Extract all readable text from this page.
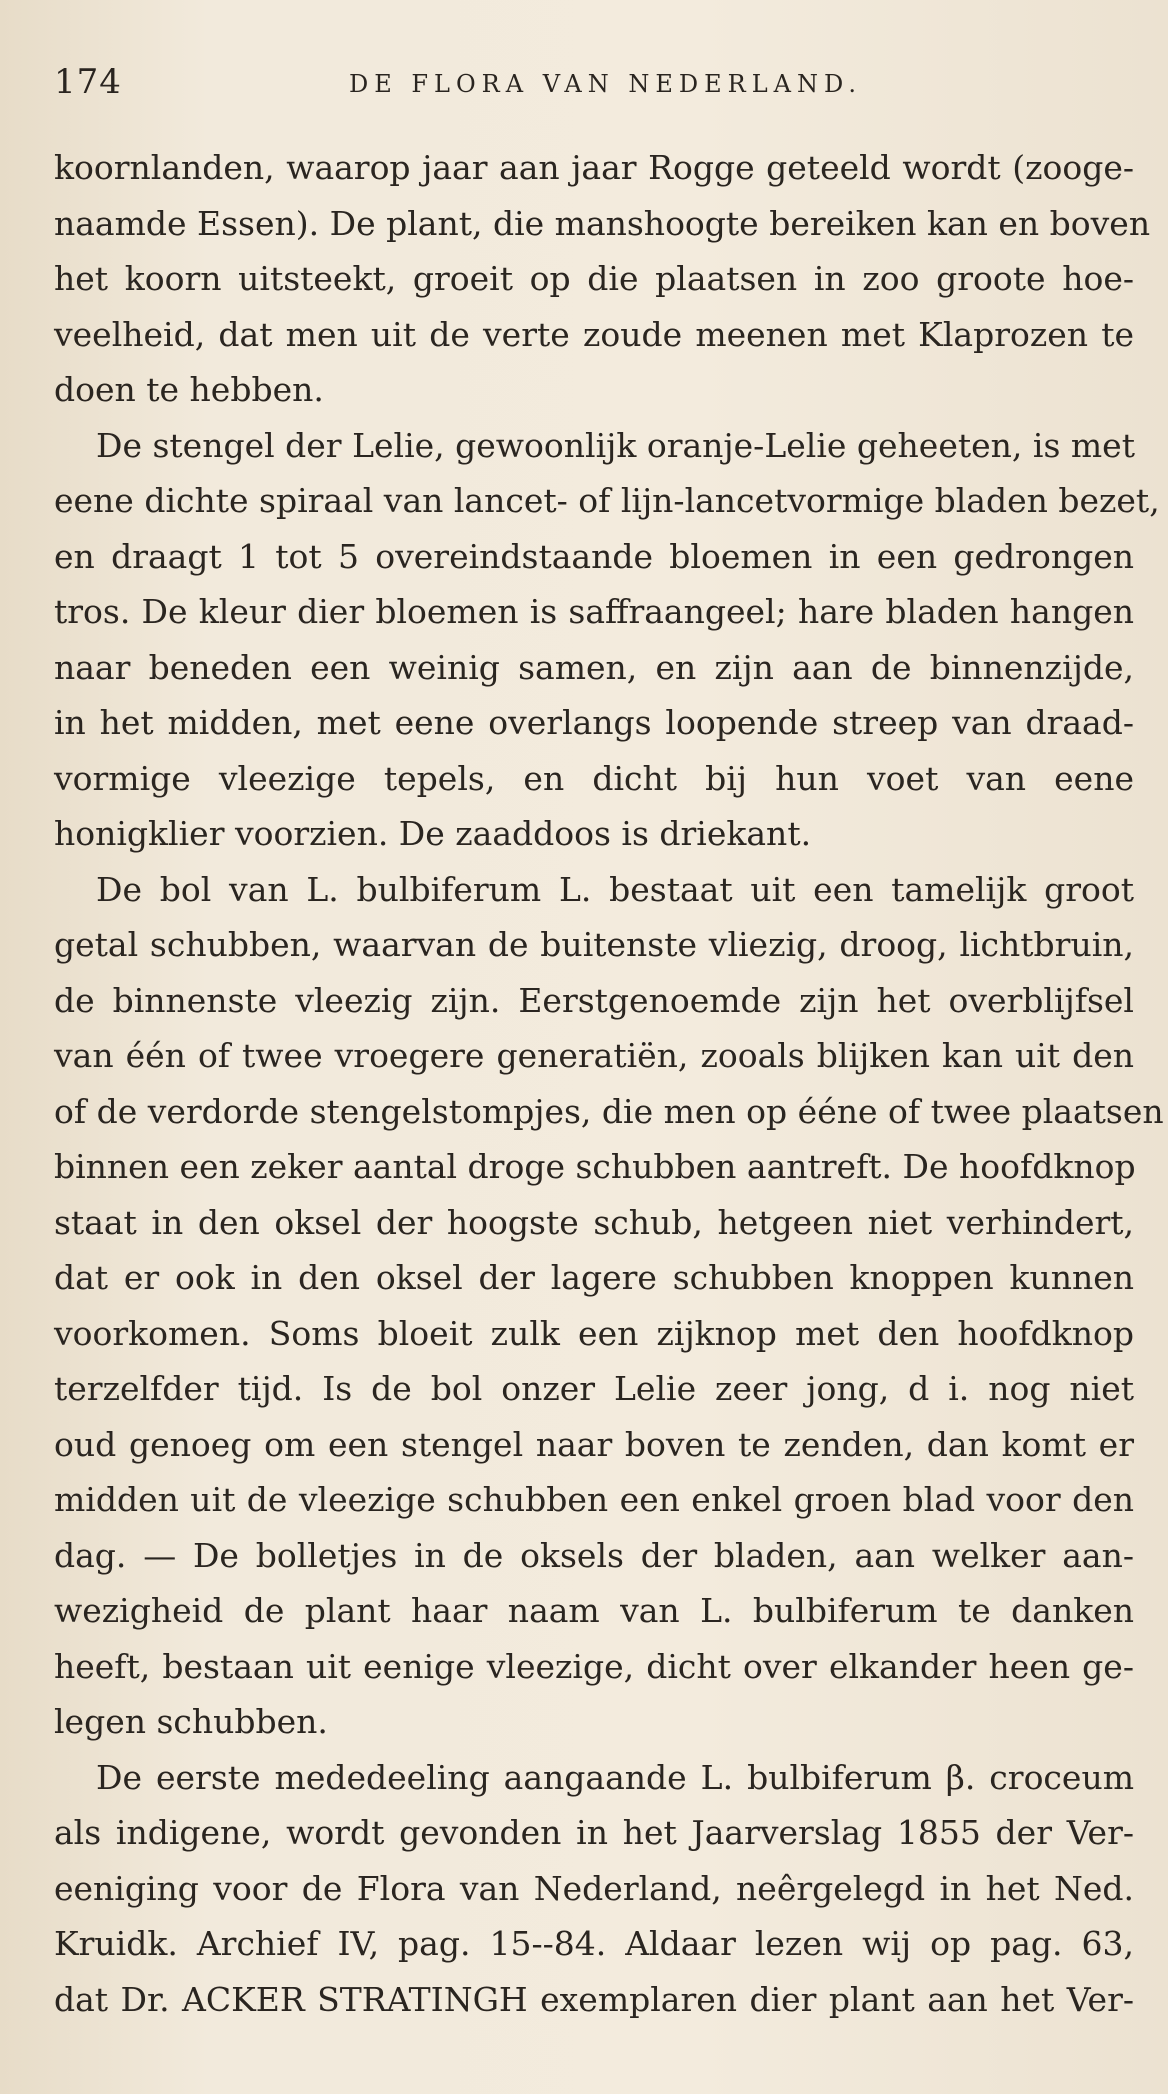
174	DE FLORA VAN NEDERLAND.
koornlanden, waarop jaar aan jaar Rogge geteeld wordt (zooge-
naamde Essen). De plant, die manshoogte bereiken kan en boven
het koorn uitsteekt, groeit op die plaatsen in zoo groote hoe-
veelheid, dat men uit de verte zoude meenen met Klaprozen te
doen te hebben.
De stengel der Lelie, gewoonlijk oranje-Lelie geheeten, is met
eene dichte spiraal van lancet- of lijn-lancetvormige bladen bezet,
en draagt 1 tot 5 overeindstaande bloemen in een gedrongen
tros. De kleur dier bloemen is saffraangeel; hare bladen hangen
naar beneden een weinig samen, en zijn aan de binnenzijde,
in het midden, met eene overlangs loopende streep van draad-
vormige vleezige tepels, en dicht bij hun voet van eene
honigklier voorzien. De zaaddoos is driekant.
De bol van L. bulbiferum L. bestaat uit een tamelijk groot
getal schubben, waarvan de buitenste vliezig, droog, lichtbruin,
de binnenste vleezig zijn. Eerstgenoemde zijn het overblijfsel
van één of twee vroegere generatiën, zooals blijken kan uit den
of de verdorde stengelstompjes, die men op ééne of twee plaatsen
binnen een zeker aantal droge schubben aantreft. De hoofdknop
staat in den oksel der hoogste schub, hetgeen niet verhindert,
dat er ook in den oksel der lagere schubben knoppen kunnen
voorkomen. Soms bloeit zulk een zijknop met den hoofdknop
terzelfder tijd. Is de bol onzer Lelie zeer jong, d i. nog niet
oud genoeg om een stengel naar boven te zenden, dan komt er
midden uit de vleezige schubben een enkel groen blad voor den
dag. — De bolletjes in de oksels der bladen, aan welker aan-
wezigheid de plant haar naam van L. bulbiferum te danken
heeft, bestaan uit eenige vleezige, dicht over elkander heen ge-
legen schubben.
De eerste mededeeling aangaande L. bulbiferum β. croceum
als indigene, wordt gevonden in het Jaarverslag 1855 der Ver-
eeniging voor de Flora van Nederland, neêrgelegd in het Ned.
Kruidk. Archief IV, pag. 15--84. Aldaar lezen wij op pag. 63,
dat Dr. ACKER STRATINGH exemplaren dier plant aan het Ver-
